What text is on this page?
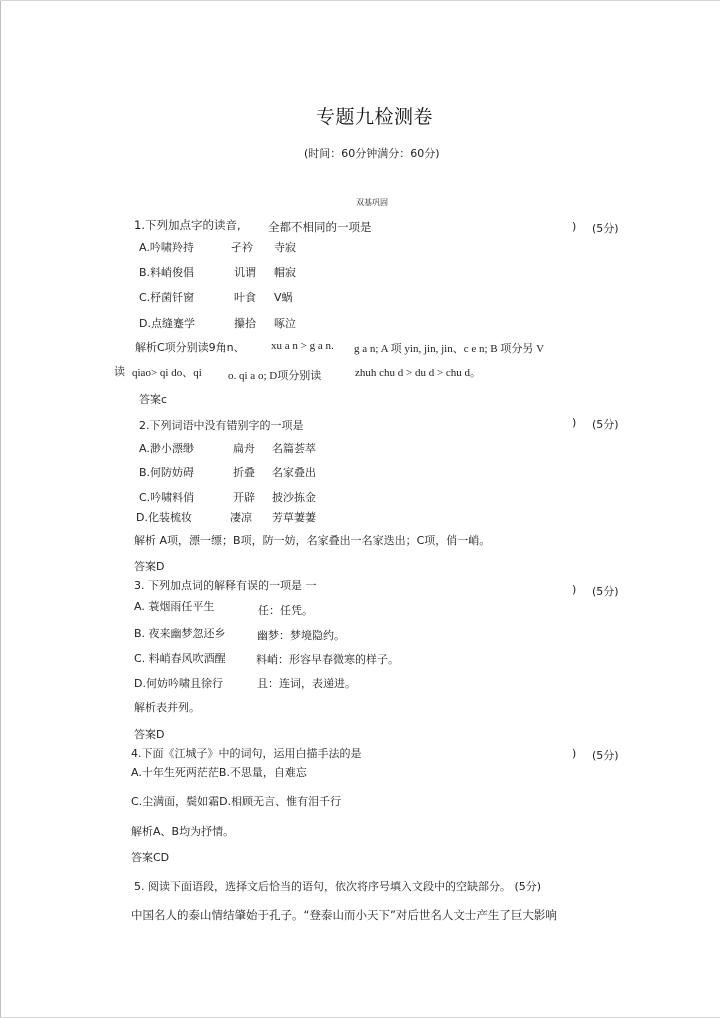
专题九检测卷
(时间：60分钟满分：60分)
双基巩固
1.下列加点字的读音, 全都不相同的一项是	) (5分)
A.吟啸羚持	孑衿 寺寂
B.料峭俊倡	讥谓 帽寂
C.杼菌钎窗	叶食 V蜗
D.点缝蹇学	攥拾 啄泣
解析C项分别读9角n、 xu a n > g a n. g a n; A 项 yin, jin, jin、c e n; B 项分另 V
读 qiao> qi do、qi o. qi a o; D项分别读	zhuh chu d > du d > chu d。
答案c
2.下列词语中没有错别字的一项是	) (5分)
A.渺小漂缈	扁舟 名篇荟萃
B.何防妨碍	折叠 名家叠出
C.吟啸料俏	开辟 披沙拣金
D.化装梳妆	凄凉 芳草萋萋
解析 A项，漂一缥；B项，防一妨，名家叠出一名家迭出；C项，俏一峭。
答案D
3. 下列加点词的解释有误的一项是 一	) (5分)
A. 蓑烟雨任平生	任：任凭。
B. 夜来幽梦忽还乡	幽梦：梦境隐约。
C. 料峭春风吹酒醒	料峭：形容早春微寒的样子。
D.何妨吟啸且徐行	且：连词，表递进。
解析表并列。
答案D
4.下面《江城子》中的词句，运用白描手法的是	) (5分)
A.十年生死两茫茫B.不思量，自难忘
C.尘满面，鬓如霜D.相顾无言、惟有泪千行
解析A、B均为抒情。
答案CD
5. 阅读下面语段，选择文后恰当的语句，依次将序号填入文段中的空缺部分。 (5分)
中国名人的泰山情结肇始于孔子。“登泰山而小天下”对后世名人文士产生了巨大影响
